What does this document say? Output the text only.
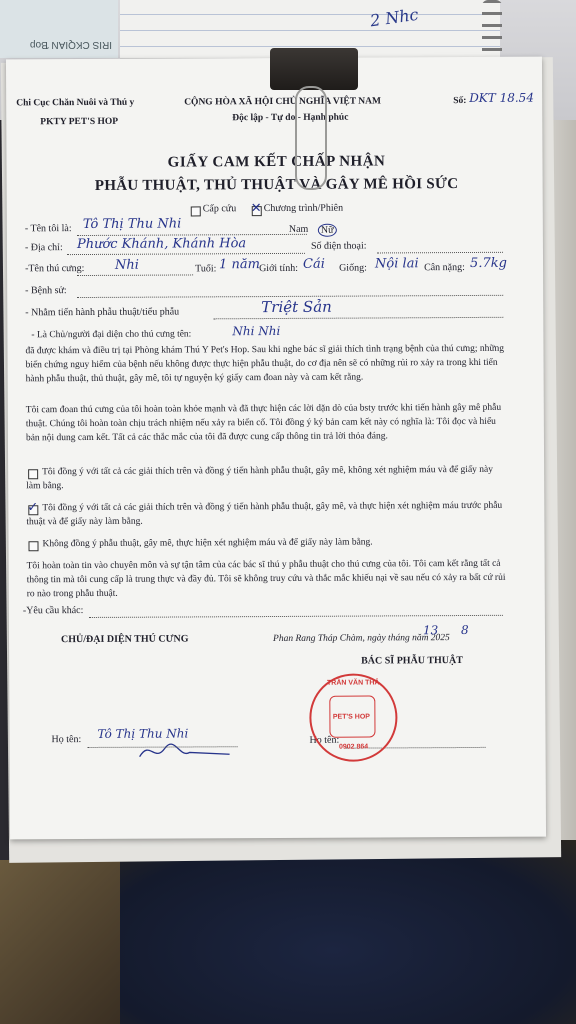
IRIS CKQIAN Ɓop
2 Nhc
Chi Cục Chăn Nuôi và Thú y
PKTY PET'S HOP
CỘNG HÒA XÃ HỘI CHỦ NGHĨA VIỆT NAM
Độc lập - Tự do - Hạnh phúc
Số: DKT 18.54
GIẤY CAM KẾT CHẤP NHẬN
PHẪU THUẬT, THỦ THUẬT VÀ GÂY MÊ HỒI SỨC
Cấp cứu ✕ Chương trình/Phiên
- Tên tôi là: Tô Thị Thu Nhi	Nam	Nữ
- Địa chỉ: Phước Khánh, Khánh Hòa	Số điện thoại:
-Tên thú cưng: Nhi	Tuổi: 1 năm Giới tính: Cái Giống: Nội lai Cân nặng: 5.7kg
- Bệnh sử:
- Nhằm tiến hành phẫu thuật/tiểu phẫu	Triệt Sản
- Là Chủ/người đại diện cho thú cưng tên:	Nhi Nhi
đã được khám và điều trị tại Phòng khám Thú Y Pet's Hop. Sau khi nghe bác sĩ giải thích tình trạng bệnh của thú cưng; những biến chứng nguy hiểm của bệnh nếu không được thực hiện phẫu thuật, do cơ địa nên sẽ có những rủi ro xảy ra trong khi tiến hành phẫu thuật, thủ thuật, gây mê, tôi tự nguyện ký giấy cam đoan này và cam kết rằng.
Tôi cam đoan thú cưng của tôi hoàn toàn khỏe mạnh và đã thực hiện các lời dặn dò của bsty trước khi tiến hành gây mê phẫu thuật. Chúng tôi hoàn toàn chịu trách nhiệm nếu xảy ra biến cố. Tôi đồng ý ký bản cam kết này có nghĩa là: Tôi đọc và hiểu bản nội dung cam kết. Tất cả các thắc mắc của tôi đã được cung cấp thông tin trả lời thỏa đáng.
Tôi đồng ý với tất cả các giải thích trên và đồng ý tiến hành phẫu thuật, gây mê, không xét nghiệm máu và để giấy này làm bằng.
✓ Tôi đồng ý với tất cả các giải thích trên và đồng ý tiến hành phẫu thuật, gây mê, và thực hiện xét nghiệm máu trước phẫu thuật và để giấy này làm bằng.
Không đồng ý phẫu thuật, gây mê, thực hiện xét nghiệm máu và để giấy này làm bằng.
Tôi hoàn toàn tin vào chuyên môn và sự tận tâm của các bác sĩ thú y phẫu thuật cho thú cưng của tôi. Tôi cam kết rằng tất cả thông tin mà tôi cung cấp là trung thực và đầy đủ. Tôi sẽ không truy cứu và thắc mắc khiếu nại về sau nếu có xảy ra bất cứ rủi ro nào trong phẫu thuật.
-Yêu cầu khác:
CHỦ/ĐẠI DIỆN THÚ CƯNG	Phan Rang Tháp Chàm, ngày tháng năm 2025
13 8
BÁC SĨ PHẪU THUẬT
Họ tên: Tô Thị Thu Nhi	Họ tên:
TRẦN VĂN THẢ
PET'S HOP
0902 864
